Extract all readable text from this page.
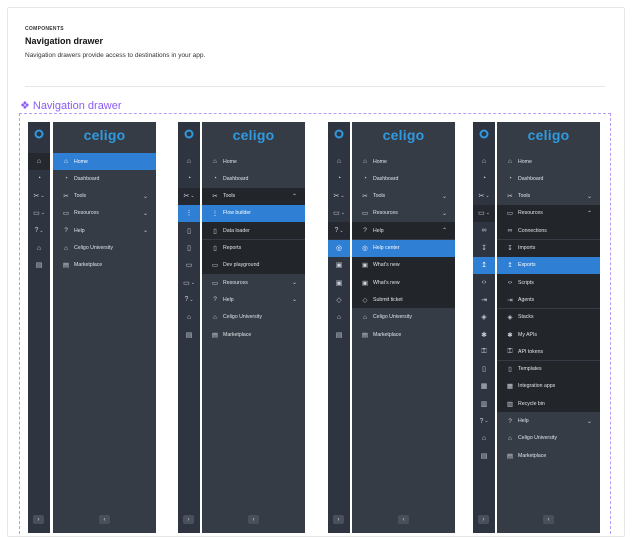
COMPONENTS
Navigation drawer
Navigation drawers provide access to destinations in your app.
❖ Navigation drawer
⌂
◔
✂ ⌄
▭ ⌄
? ⌄
⌂
▤
›
celigo
⌂	Home
◔	Dashboard
✂	Tools	⌄
▭ Resources	⌄
?	Help	⌄
⌂	Celigo University
▤ Marketplace
‹
⌂
◔
✂ ⌄
⋮
▯
▯
▭
▭ ⌄
? ⌄
⌂
▤
›
celigo
⌂	Home
◔	Dashboard
✂	Tools	⌃
⋮ Flow builder
▯	Data loader
▯	Reports
▭ Dev playground
▭ Resources	⌄
?	Help	⌄
⌂	Celigo University
▤ Marketplace
‹
⌂
◔
✂ ⌄
▭ ⌄
? ⌄
◎
▣
▣
◇
⌂
▤
›
celigo
⌂	Home
◔	Dashboard
✂	Tools	⌄
▭ Resources	⌄
?	Help	⌃
◎ Help center
▣ What's new
▣ What's new
◇	Submit ticket
⌂	Celigo University
▤ Marketplace
‹
⌂
◔
✂ ⌄
▭ ⌄
∞
↧
↥
‹›
⇥
◈
✱
⚿
▯
▦
▥
? ⌄
⌂
▤
›
celigo
⌂	Home
◔	Dashboard
✂	Tools	⌄
▭ Resources	⌃
∞	Connections
↧	Imports
↥	Exports
‹›	Scripts
⇥	Agents
◈	Stacks
✱	My APIs
⚿	API tokens
▯	Templates
▦ Integration apps
▥ Recycle bin
?	Help	⌄
⌂	Celigo University
▤ Marketplace
‹
